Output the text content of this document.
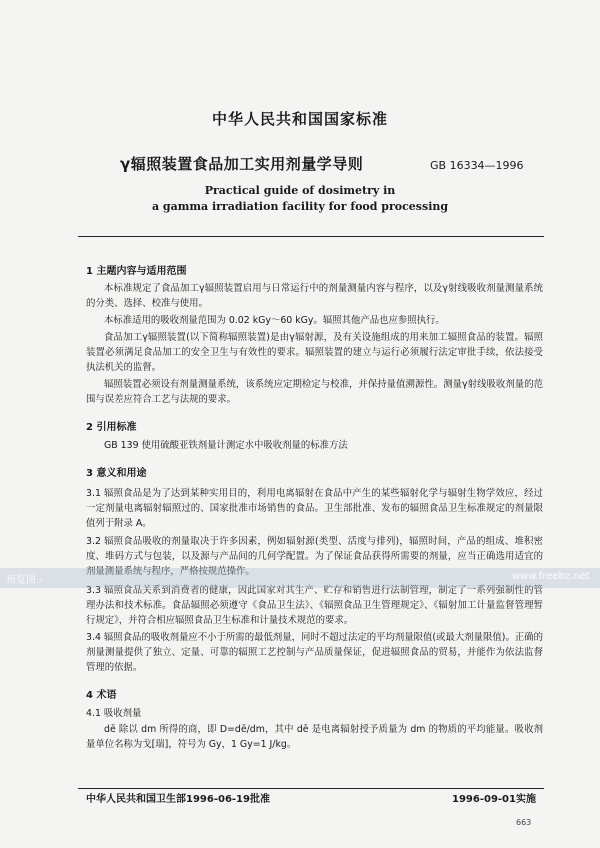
中华人民共和国国家标准
γ辐照装置食品加工实用剂量学导则	GB 16334—1996
Practical guide of dosimetry in
a gamma irradiation facility for food processing
1 主题内容与适用范围
本标准规定了食品加工γ辐照装置启用与日常运行中的剂量测量内容与程序，以及γ射线吸收剂量测量系统的分类、选择、校准与使用。
本标准适用的吸收剂量范围为 0.02 kGy～60 kGy。辐照其他产品也应参照执行。
食品加工γ辐照装置(以下简称辐照装置)是由γ辐射源，及有关设施组成的用来加工辐照食品的装置。辐照装置必须满足食品加工的安全卫生与有效性的要求。辐照装置的建立与运行必须履行法定审批手续，依法接受执法机关的监督。
辐照装置必须设有剂量测量系统，该系统应定期检定与校准，并保持量值溯源性。测量γ射线吸收剂量的范围与误差应符合工艺与法规的要求。
2 引用标准
GB 139 使用硫酸亚铁剂量计测定水中吸收剂量的标准方法
3 意义和用途
3.1 辐照食品是为了达到某种实用目的，利用电离辐射在食品中产生的某些辐射化学与辐射生物学效应，经过一定剂量电离辐射辐照过的、国家批准市场销售的食品。卫生部批准、发布的辐照食品卫生标准规定的剂量限值列于附录 A。
3.2 辐照食品吸收的剂量取决于许多因素，例如辐射源(类型、活度与排列)，辐照时间，产品的组成、堆积密度、堆码方式与包装，以及源与产品间的几何学配置。为了保证食品获得所需要的剂量，应当正确选用适宜的剂量测量系统与程序，严格按规范操作。
3.3 辐照食品关系到消费者的健康，因此国家对其生产、贮存和销售进行法制管理，制定了一系列强制性的管理办法和技术标准。食品辐照必须遵守《食品卫生法》、《辐照食品卫生管理规定》、《辐射加工计量监督管理暂行规定》，并符合相应辐照食品卫生标准和计量技术规范的要求。
3.4 辐照食品的吸收剂量应不小于所需的最低剂量，同时不超过法定的平均剂量限值(或最大剂量限值)。正确的剂量测量提供了独立、定量、可靠的辐照工艺控制与产品质量保证，促进辐照食品的贸易，并能作为依法监督管理的依据。
4 术语
4.1 吸收剂量
dē 除以 dm 所得的商，即 D=dē/dm，其中 dē 是电离辐射授予质量为 dm 的物质的平均能量。吸收剂量单位名称为戈[瑞]，符号为 Gy，1 Gy=1 J/kg。
预览图 -	www.freebz.net
中华人民共和国卫生部1996-06-19批准	1996-09-01实施
663
